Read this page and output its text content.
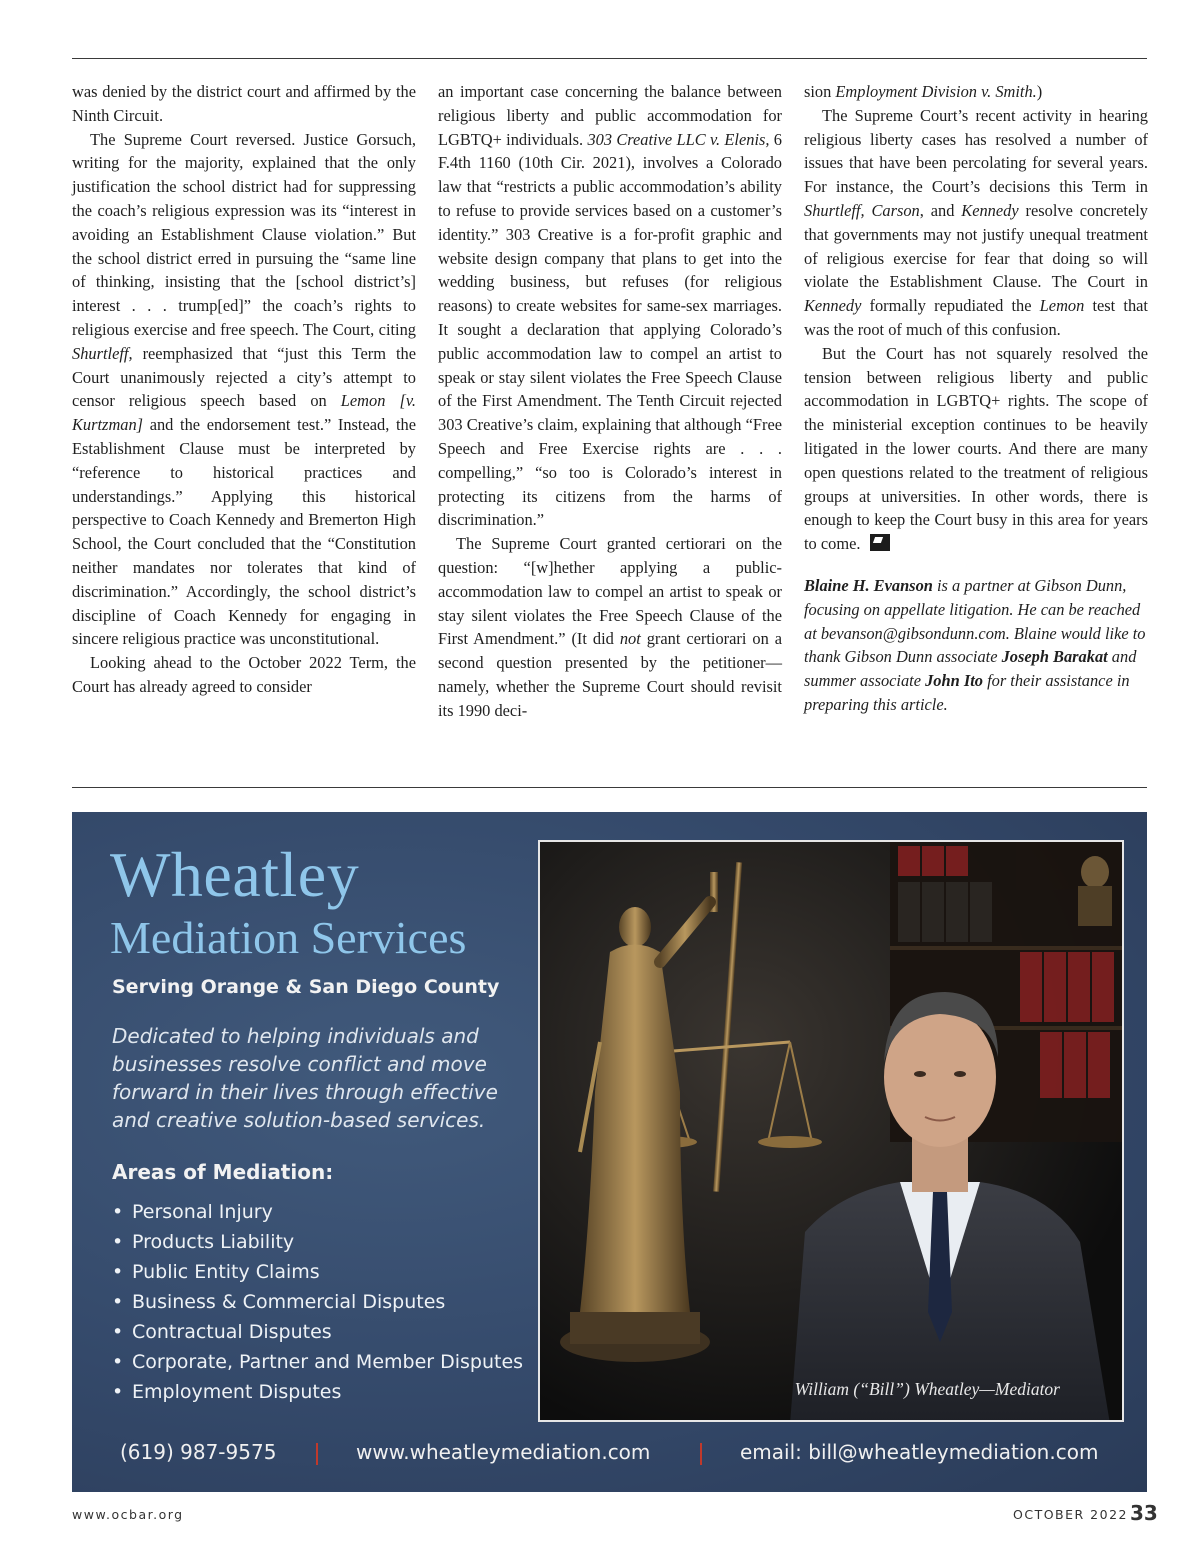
was denied by the district court and affirmed by the Ninth Circuit.

The Supreme Court reversed. Justice Gorsuch, writing for the majority, explained that the only justification the school district had for suppressing the coach’s religious expression was its “interest in avoiding an Establishment Clause violation.” But the school district erred in pursuing the “same line of thinking, insisting that the [school district’s] interest . . . trump[ed]” the coach’s rights to religious exercise and free speech. The Court, citing Shurtleff, reemphasized that “just this Term the Court unanimously rejected a city’s attempt to censor religious speech based on Lemon [v. Kurtzman] and the endorsement test.” Instead, the Establishment Clause must be interpreted by “reference to historical practices and understandings.” Applying this historical perspective to Coach Kennedy and Bremerton High School, the Court concluded that the “Constitution neither mandates nor tolerates that kind of discrimination.” Accordingly, the school district’s discipline of Coach Kennedy for engaging in sincere religious practice was unconstitutional.

Looking ahead to the October 2022 Term, the Court has already agreed to consider

an important case concerning the balance between religious liberty and public accommodation for LGBTQ+ individuals. 303 Creative LLC v. Elenis, 6 F.4th 1160 (10th Cir. 2021), involves a Colorado law that “restricts a public accommodation’s ability to refuse to provide services based on a customer’s identity.” 303 Creative is a for-profit graphic and website design company that plans to get into the wedding business, but refuses (for religious reasons) to create websites for same-sex marriages. It sought a declaration that applying Colorado’s public accommodation law to compel an artist to speak or stay silent violates the Free Speech Clause of the First Amendment. The Tenth Circuit rejected 303 Creative’s claim, explaining that although “Free Speech and Free Exercise rights are . . . compelling,” “so too is Colorado’s interest in protecting its citizens from the harms of discrimination.”

The Supreme Court granted certiorari on the question: “[w]hether applying a public-accommodation law to compel an artist to speak or stay silent violates the Free Speech Clause of the First Amendment.” (It did not grant certiorari on a second question presented by the petitioner—namely, whether the Supreme Court should revisit its 1990 deci-

sion Employment Division v. Smith.)

The Supreme Court’s recent activity in hearing religious liberty cases has resolved a number of issues that have been percolating for several years. For instance, the Court’s decisions this Term in Shurtleff, Carson, and Kennedy resolve concretely that governments may not justify unequal treatment of religious exercise for fear that doing so will violate the Establishment Clause. The Court in Kennedy formally repudiated the Lemon test that was the root of much of this confusion.

But the Court has not squarely resolved the tension between religious liberty and public accommodation in LGBTQ+ rights. The scope of the ministerial exception continues to be heavily litigated in the lower courts. And there are many open questions related to the treatment of religious groups at universities. In other words, there is enough to keep the Court busy in this area for years to come.

Blaine H. Evanson is a partner at Gibson Dunn, focusing on appellate litigation. He can be reached at bevanson@gibsondunn.com. Blaine would like to thank Gibson Dunn associate Joseph Barakat and summer associate John Ito for their assistance in preparing this article.

Wheatley
Mediation Services
Serving Orange & San Diego County
Dedicated to helping individuals and businesses resolve conflict and move forward in their lives through effective and creative solution-based services.
Areas of Mediation:
• Personal Injury
• Products Liability
• Public Entity Claims
• Business & Commercial Disputes
• Contractual Disputes
• Corporate, Partner and Member Disputes
• Employment Disputes	William (“Bill”) Wheatley—Mediator
(619) 987-9575	www.wheatleymediation.com	email: bill@wheatleymediation.com
www.ocbar.org	OCTOBER 2022 33
